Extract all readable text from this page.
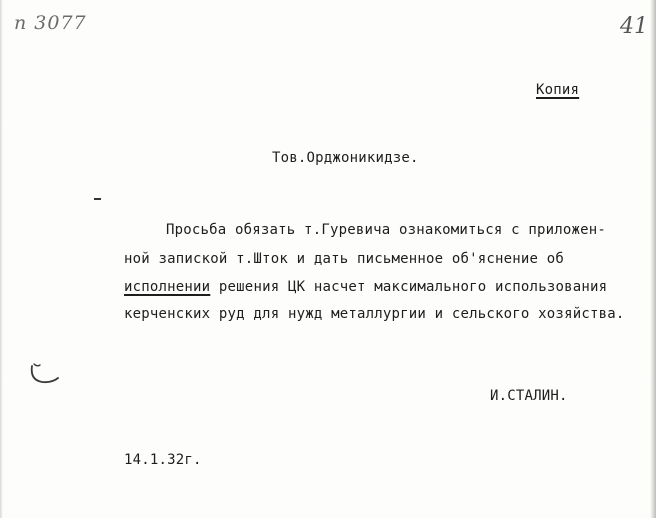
п 3077	41
Копия
Тов.Орджоникидзе.
Просьба обязать т.Гуревича ознакомиться с приложен-
ной запиской т.Шток и дать письменное об'яснение об
исполнении решения ЦК насчет максимального использования
керченских руд для нужд металлургии и сельского хозяйства.
И.СТАЛИН.
14.1.32г.
